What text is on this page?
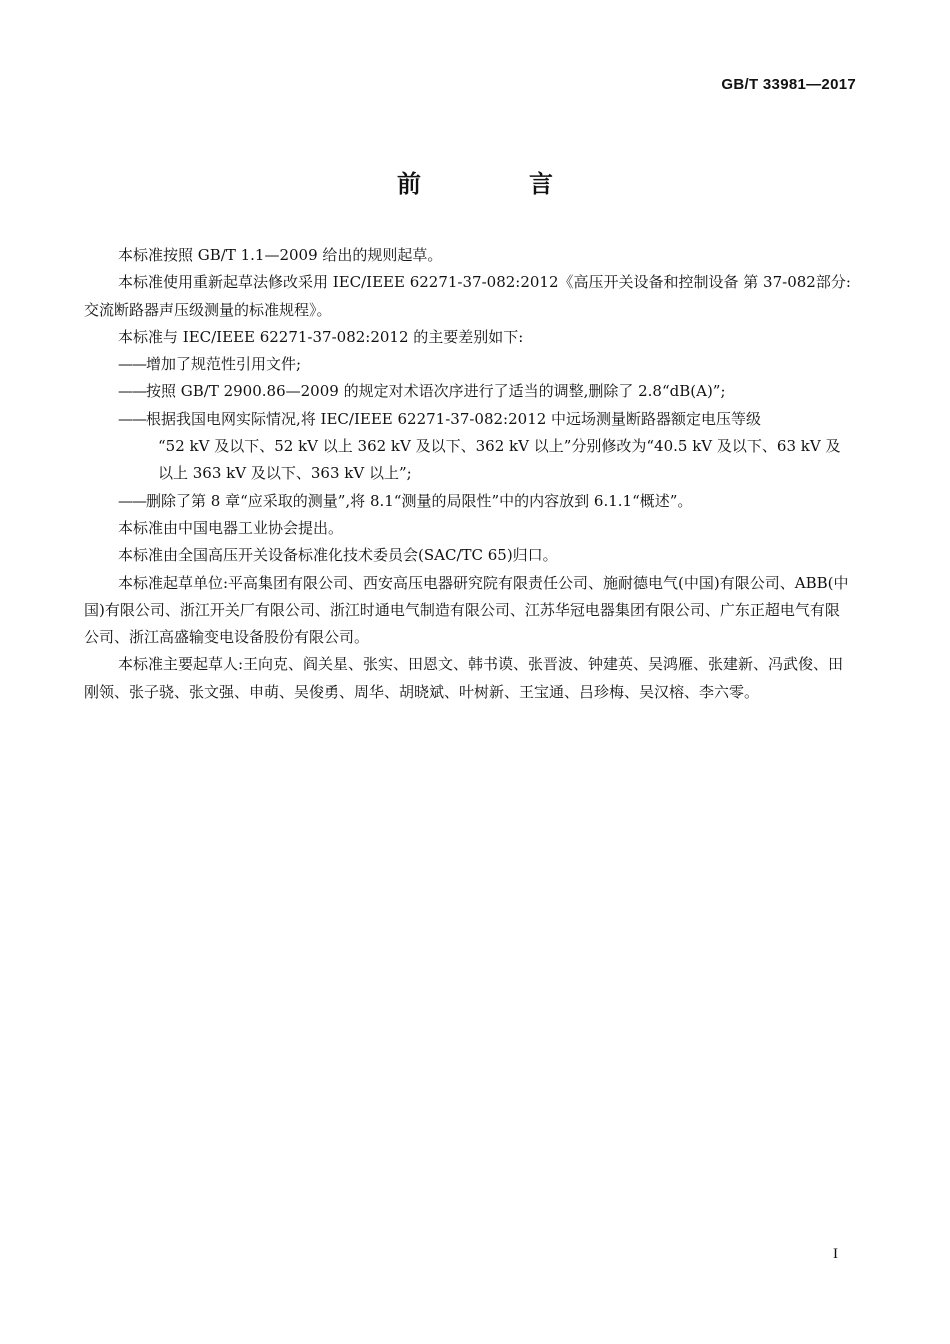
GB/T 33981—2017
前　言

本标准按照 GB/T 1.1—2009 给出的规则起草。

本标准使用重新起草法修改采用 IEC/IEEE 62271-37-082:2012《高压开关设备和控制设备 第 37-082部分:交流断路器声压级测量的标准规程》。

本标准与 IEC/IEEE 62271-37-082:2012 的主要差别如下:

——增加了规范性引用文件;

——按照 GB/T 2900.86—2009 的规定对术语次序进行了适当的调整,删除了 2.8“dB(A)”;

——根据我国电网实际情况,将 IEC/IEEE 62271-37-082:2012 中远场测量断路器额定电压等级
“52 kV 及以下、52 kV 以上 362 kV 及以下、362 kV 以上”分别修改为“40.5 kV 及以下、63 kV 及以上 363 kV 及以下、363 kV 以上”;

——删除了第 8 章“应采取的测量”,将 8.1“测量的局限性”中的内容放到 6.1.1“概述”。

本标准由中国电器工业协会提出。

本标准由全国高压开关设备标准化技术委员会(SAC/TC 65)归口。

本标准起草单位:平高集团有限公司、西安高压电器研究院有限责任公司、施耐德电气(中国)有限公司、ABB(中国)有限公司、浙江开关厂有限公司、浙江时通电气制造有限公司、江苏华冠电器集团有限公司、广东正超电气有限公司、浙江高盛输变电设备股份有限公司。

本标准主要起草人:王向克、阎关星、张实、田恩文、韩书谟、张晋波、钟建英、吴鸿雁、张建新、冯武俊、田刚领、张子骁、张文强、申萌、吴俊勇、周华、胡晓斌、叶树新、王宝通、吕珍梅、吴汉榕、李六零。

I
